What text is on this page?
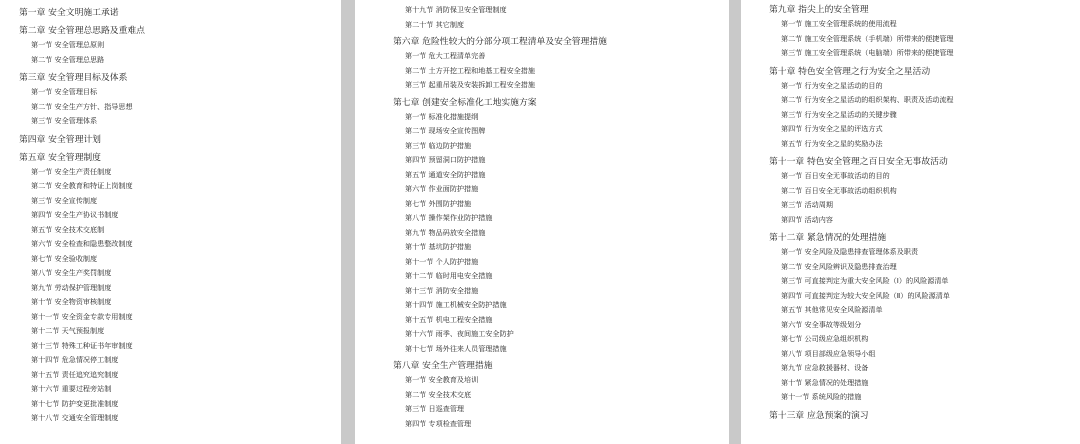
第一章 安全文明施工承诺
第二章 安全管理总思路及重难点
第一节 安全管理总原则
第二节 安全管理总思路
第三章 安全管理目标及体系
第一节 安全管理目标
第二节 安全生产方针、指导思想
第三节 安全管理体系
第四章 安全管理计划
第五章 安全管理制度
第一节 安全生产责任制度
第二节 安全教育和特证上岗制度
第三节 安全宣传制度
第四节 安全生产协议书制度
第五节 安全技术交底制
第六节 安全检查和隐患整改制度
第七节 安全验收制度
第八节 安全生产奖罚制度
第九节 劳动保护管理制度
第十节 安全物资审核制度
第十一节 安全资金专款专用制度
第十二节 天气预报制度
第十三节 特殊工种证书年审制度
第十四节 危急情况停工制度
第十五节 责任追究追究制度
第十六节 重要过程旁站制
第十七节 防护变更批准制度
第十八节 交通安全管理制度
第十九节 消防保卫安全管理制度
第二十节 其它制度
第六章 危险性较大的分部分项工程清单及安全管理措施
第一节 危大工程清单完善
第二节 土方开挖工程和地基工程安全措施
第三节 起重吊装及安装拆卸工程安全措施
第七章 创建安全标准化工地实施方案
第一节 标准化措施提纲
第二节 现场安全宣传图牌
第三节 临边防护措施
第四节 预留洞口防护措施
第五节 通道安全防护措施
第六节 作业面防护措施
第七节 外围防护措施
第八节 操作架作业防护措施
第九节 物品码放安全措施
第十节 基坑防护措施
第十一节 个人防护措施
第十二节 临时用电安全措施
第十三节 消防安全措施
第十四节 施工机械安全防护措施
第十五节 机电工程安全措施
第十六节 雨季、夜间施工安全防护
第十七节 场外往来人员管理措施
第八章 安全生产管理措施
第一节 安全教育及培训
第二节 安全技术交底
第三节 日巡查管理
第四节 专项检查管理
第九章 指尖上的安全管理
第一节 施工安全管理系统的使用流程
第二节 施工安全管理系统（手机端）所带来的便捷管理
第三节 施工安全管理系统（电脑端）所带来的便捷管理
第十章 特色安全管理之行为安全之星活动
第一节 行为安全之星活动的目的
第二节 行为安全之星活动的组织架构、职责及活动流程
第三节 行为安全之星活动的关键步骤
第四节 行为安全之星的评选方式
第五节 行为安全之星的奖励办法
第十一章 特色安全管理之百日安全无事故活动
第一节 百日安全无事故活动的目的
第二节 百日安全无事故活动组织机构
第三节 活动周期
第四节 活动内容
第十二章 紧急情况的处理措施
第一节 安全风险及隐患排查管理体系及职责
第二节 安全风险辨识及隐患排查治理
第三节 可直接判定为重大安全风险（Ⅰ）的风险源清单
第四节 可直接判定为较大安全风险（Ⅱ）的风险源清单
第五节 其他常见安全风险源清单
第六节 安全事故等级划分
第七节 公司级应急组织机构
第八节 项目部级应急领导小组
第九节 应急救援器材、设备
第十节 紧急情况的处理措施
第十一节 系统风险的措施
第十三章 应急预案的演习
